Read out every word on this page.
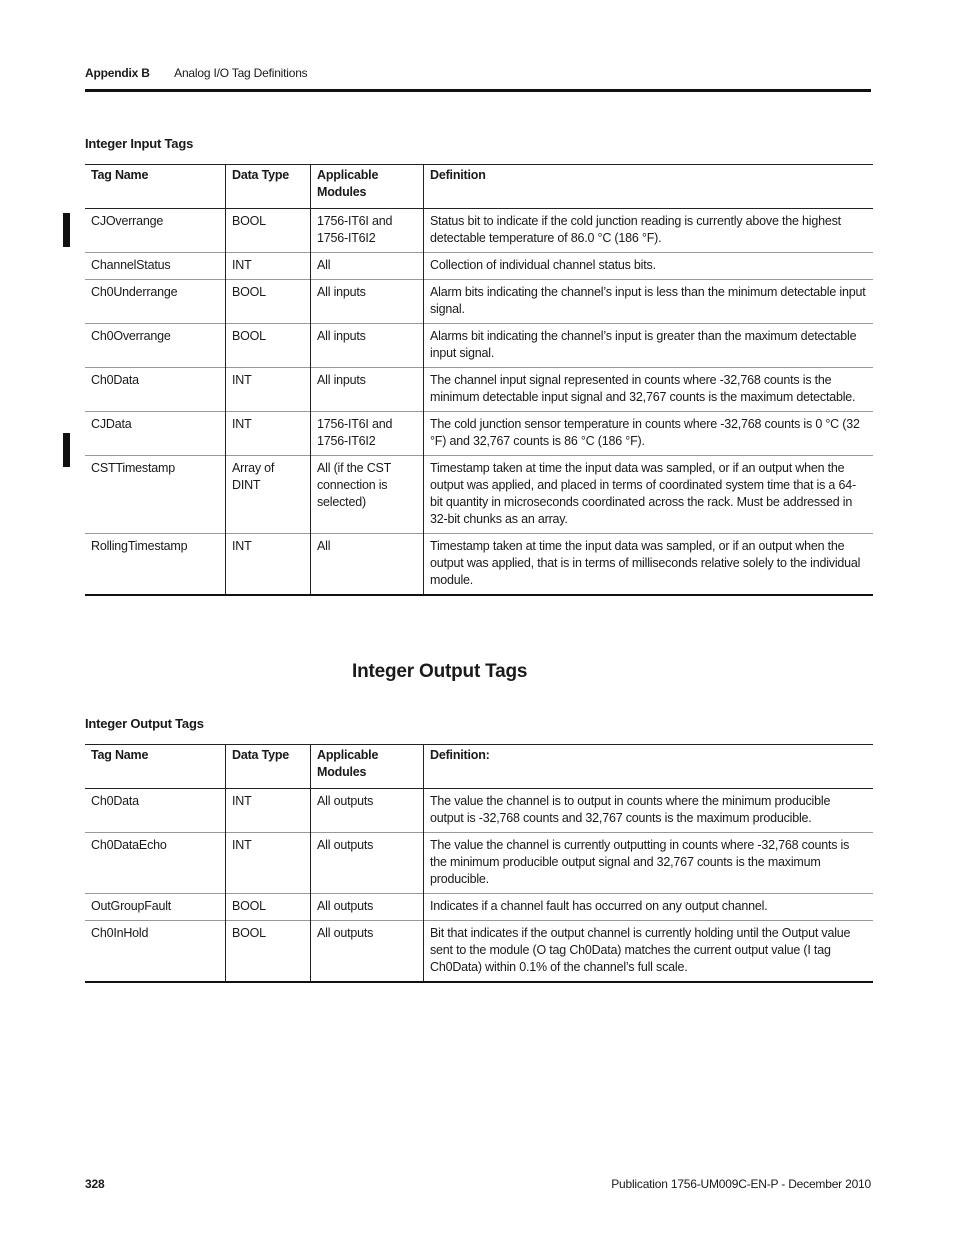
Appendix B Analog I/O Tag Definitions
Integer Input Tags
Tag Name	Data Type	Applicable Modules	Definition
CJOverrange	BOOL	1756-IT6I and 1756-IT6I2	Status bit to indicate if the cold junction reading is currently above the highest detectable temperature of 86.0 °C (186 °F).
ChannelStatus	INT	All	Collection of individual channel status bits.
Ch0Underrange	BOOL	All inputs	Alarm bits indicating the channel’s input is less than the minimum detectable input signal.
Ch0Overrange	BOOL	All inputs	Alarms bit indicating the channel’s input is greater than the maximum detectable input signal.
Ch0Data	INT	All inputs	The channel input signal represented in counts where -32,768 counts is the minimum detectable input signal and 32,767 counts is the maximum detectable.
CJData	INT	1756-IT6I and 1756-IT6I2	The cold junction sensor temperature in counts where -32,768 counts is 0 °C (32 °F) and 32,767 counts is 86 °C (186 °F).
CSTTimestamp	Array of DINT	All (if the CST connection is selected)	Timestamp taken at time the input data was sampled, or if an output when the output was applied, and placed in terms of coordinated system time that is a 64-bit quantity in microseconds coordinated across the rack. Must be addressed in 32-bit chunks as an array.
RollingTimestamp	INT	All	Timestamp taken at time the input data was sampled, or if an output when the output was applied, that is in terms of milliseconds relative solely to the individual module.
Integer Output Tags
Integer Output Tags
Tag Name	Data Type	Applicable Modules	Definition:
Ch0Data	INT	All outputs	The value the channel is to output in counts where the minimum producible output is -32,768 counts and 32,767 counts is the maximum producible.
Ch0DataEcho	INT	All outputs	The value the channel is currently outputting in counts where -32,768 counts is the minimum producible output signal and 32,767 counts is the maximum producible.
OutGroupFault	BOOL	All outputs	Indicates if a channel fault has occurred on any output channel.
Ch0InHold	BOOL	All outputs	Bit that indicates if the output channel is currently holding until the Output value sent to the module (O tag Ch0Data) matches the current output value (I tag Ch0Data) within 0.1% of the channel’s full scale.
328	Publication 1756-UM009C-EN-P - December 2010
